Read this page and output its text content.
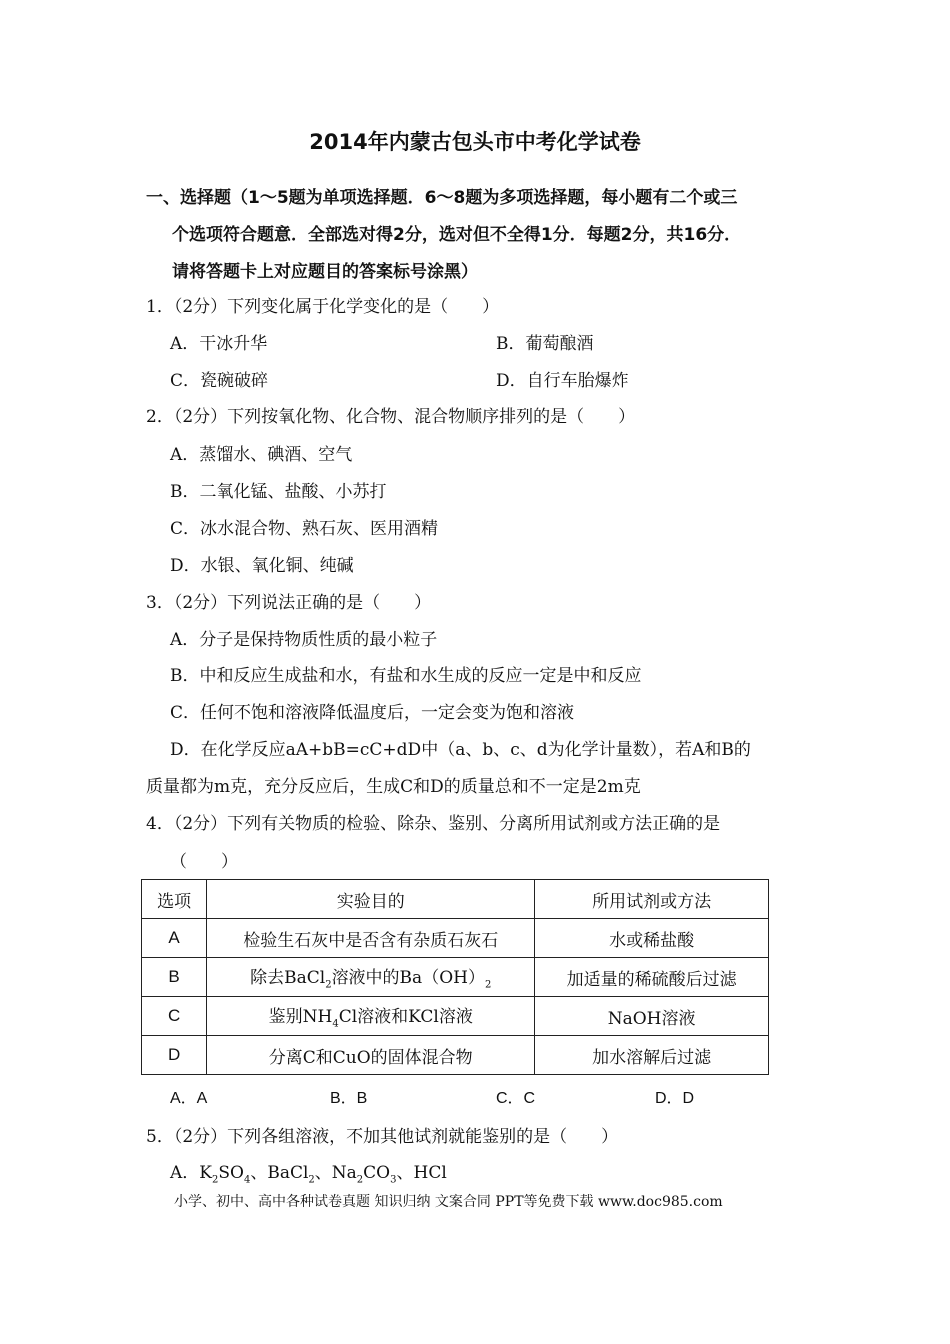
2014年内蒙古包头市中考化学试卷
一、选择题（1～5题为单项选择题．6～8题为多项选择题，每小题有二个或三
个选项符合题意．全部选对得2分，选对但不全得1分．每题2分，共16分．
请将答题卡上对应题目的答案标号涂黑）
1．（2分）下列变化属于化学变化的是（　　）
A．干冰升华	B．葡萄酿酒
C．瓷碗破碎	D．自行车胎爆炸
2．（2分）下列按氧化物、化合物、混合物顺序排列的是（　　）
A．蒸馏水、碘酒、空气
B．二氧化锰、盐酸、小苏打
C．冰水混合物、熟石灰、医用酒精
D．水银、氧化铜、纯碱
3．（2分）下列说法正确的是（　　）
A．分子是保持物质性质的最小粒子
B．中和反应生成盐和水，有盐和水生成的反应一定是中和反应
C．任何不饱和溶液降低温度后，一定会变为饱和溶液
D．在化学反应aA+bB=cC+dD中（a、b、c、d为化学计量数），若A和B的
质量都为m克，充分反应后，生成C和D的质量总和不一定是2m克
4．（2分）下列有关物质的检验、除杂、鉴别、分离所用试剂或方法正确的是
（　　）
选项	实验目的	所用试剂或方法
A	检验生石灰中是否含有杂质石灰石	水或稀盐酸
B	除去BaCl$_2$溶液中的$Ba(OH)_2$	加适量的稀硫酸后过滤
C	鉴别$NH_4Cl$溶液和KCl溶液	NaOH溶液
D	分离C和CuO的固体混合物	加水溶解后过滤
A．A	B．B	C．C	D．D
5．（2分）下列各组溶液，不加其他试剂就能鉴别的是（　　）
A．$K_2SO_4$、BaCl$_2$、$Na_2CO_3$、HCl
小学、初中、高中各种试卷真题 知识归纳 文案合同 PPT等免费下载 www.doc985.com
